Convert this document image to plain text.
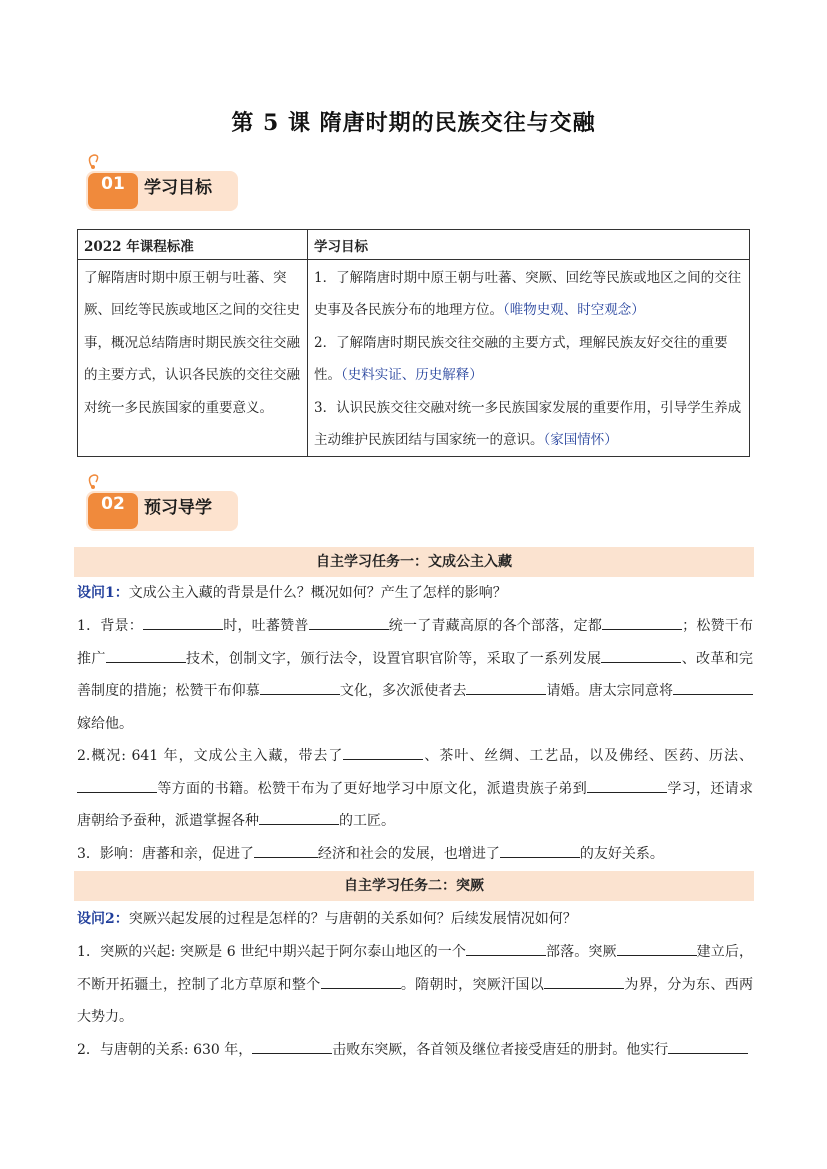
第 5 课 隋唐时期的民族交往与交融
01	学习目标
2022 年课程标准	学习目标
了解隋唐时期中原王朝与吐蕃、突厥、回纥等民族或地区之间的交往史事，概况总结隋唐时期民族交往交融的主要方式，认识各民族的交往交融对统一多民族国家的重要意义。	1．了解隋唐时期中原王朝与吐蕃、突厥、回纥等民族或地区之间的交往史事及各民族分布的地理方位。（唯物史观、时空观念）
2．了解隋唐时期民族交往交融的主要方式，理解民族友好交往的重要性。（史料实证、历史解释）
3．认识民族交往交融对统一多民族国家发展的重要作用，引导学生养成主动维护民族团结与国家统一的意识。（家国情怀）
02	预习导学
自主学习任务一：文成公主入藏
设问1：文成公主入藏的背景是什么？概况如何？产生了怎样的影响？
1．背景：	时，吐蕃赞普	统一了青藏高原的各个部落，定都	；松赞干布推广	技术，创制文字，颁行法令，设置官职官阶等，采取了一系列发展	、改革和完善制度的措施；松赞干布仰慕	文化，多次派使者去	请婚。唐太宗同意将嫁给他。
2.概况: 641 年，文成公主入藏，带去了	、茶叶、丝绸、工艺品，以及佛经、医药、历法、等方面的书籍。松赞干布为了更好地学习中原文化，派遣贵族子弟到	学习，还请求唐朝给予蚕种，派遣掌握各种	的工匠。
3．影响：唐蕃和亲，促进了	经济和社会的发展，也增进了	的友好关系。
自主学习任务二：突厥
设问2：突厥兴起发展的过程是怎样的？与唐朝的关系如何？后续发展情况如何？
1．突厥的兴起: 突厥是 6 世纪中期兴起于阿尔泰山地区的一个	部落。突厥	建立后，不断开拓疆土，控制了北方草原和整个	。隋朝时，突厥汗国以	为界，分为东、西两大势力。
2．与唐朝的关系: 630 年，	击败东突厥，各首领及继位者接受唐廷的册封。他实行
